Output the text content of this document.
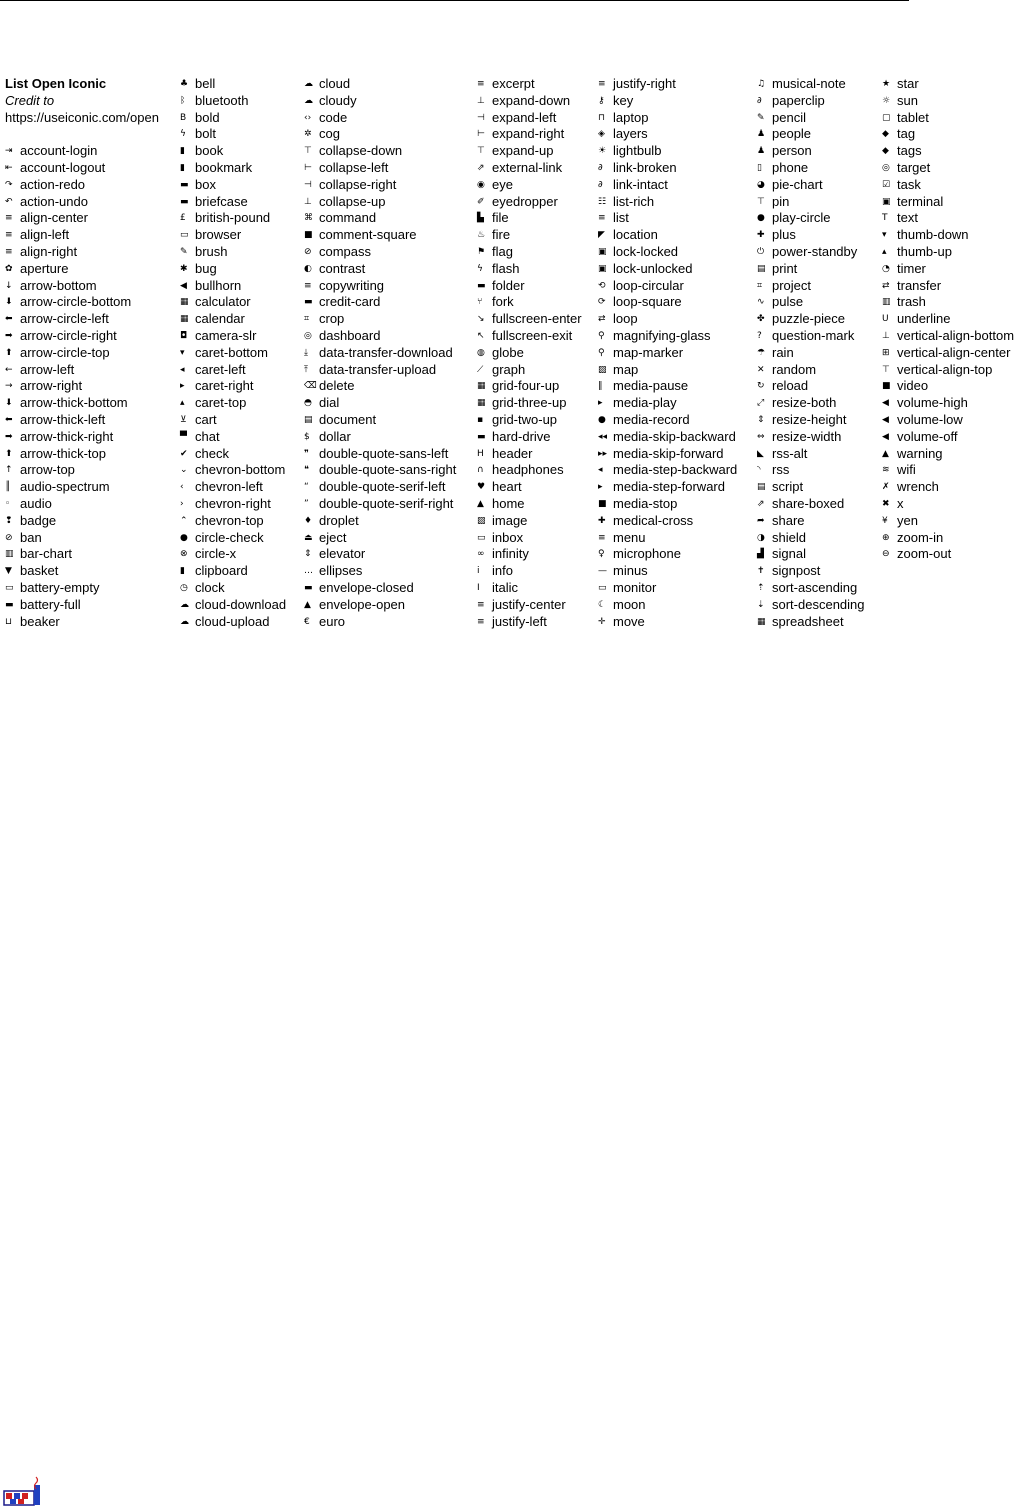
List Open Iconic
Credit to
https://useiconic.com/open
⇥ account-login
⇤ account-logout
↷ action-redo
↶ action-undo
≡ align-center
≡ align-left
≡ align-right
✿ aperture
↓ arrow-bottom
⬇ arrow-circle-bottom
⬅ arrow-circle-left
➡ arrow-circle-right
⬆ arrow-circle-top
← arrow-left
→ arrow-right
⬇ arrow-thick-bottom
⬅ arrow-thick-left
➡ arrow-thick-right
⬆ arrow-thick-top
↑ arrow-top
║ audio-spectrum
◦ audio
❢ badge
⊘ ban
▥ bar-chart
▼ basket
▭ battery-empty
▬ battery-full
⊔ beaker
♣ bell
ᛒ bluetooth
B bold
ϟ bolt
▮ book
▮ bookmark
▬ box
▬ briefcase
£ british-pound
▭ browser
✎ brush
✱ bug
◀ bullhorn
▦ calculator
▦ calendar
◘ camera-slr
▾ caret-bottom
◂ caret-left
▸ caret-right
▴ caret-top
⊻ cart
▀ chat
✔ check
⌄ chevron-bottom
‹ chevron-left
› chevron-right
⌃ chevron-top
● circle-check
⊗ circle-x
▮ clipboard
◷ clock
☁ cloud-download
☁ cloud-upload
☁ cloud
☁ cloudy
‹› code
✲ cog
⊤ collapse-down
⊢ collapse-left
⊣ collapse-right
⊥ collapse-up
⌘ command
■ comment-square
⊘ compass
◐ contrast
≡ copywriting
▬ credit-card
⌗ crop
◎ dashboard
⤓ data-transfer-download
⤒ data-transfer-upload
⌫ delete
◓ dial
▤ document
$ dollar
❞ double-quote-sans-left
❝ double-quote-sans-right
“ double-quote-serif-left
” double-quote-serif-right
♦ droplet
⏏ eject
⇕ elevator
… ellipses
▬ envelope-closed
▲ envelope-open
€ euro
≡ excerpt
⊥ expand-down
⊣ expand-left
⊢ expand-right
⊤ expand-up
⇗ external-link
◉ eye
✐ eyedropper
▙ file
♨ fire
⚑ flag
ϟ flash
▬ folder
⑂ fork
↘ fullscreen-enter
↖ fullscreen-exit
◍ globe
⟋ graph
▦ grid-four-up
▦ grid-three-up
▪ grid-two-up
▬ hard-drive
H header
∩ headphones
♥ heart
▲ home
▨ image
▭ inbox
∞ infinity
ⅰ info
I italic
≡ justify-center
≡ justify-left
≡ justify-right
⚷ key
⊓ laptop
◈ layers
☀ lightbulb
∂ link-broken
∂ link-intact
☷ list-rich
≡ list
◤ location
▣ lock-locked
▣ lock-unlocked
⟲ loop-circular
⟳ loop-square
⇄ loop
⚲ magnifying-glass
⚲ map-marker
▨ map
‖ media-pause
▸ media-play
● media-record
◂◂ media-skip-backward
▸▸ media-skip-forward
◂ media-step-backward
▸ media-step-forward
■ media-stop
✚ medical-cross
≡ menu
♀ microphone
— minus
▭ monitor
☾ moon
✛ move
♫ musical-note
∂ paperclip
✎ pencil
♟ people
♟ person
▯ phone
◕ pie-chart
⊤ pin
● play-circle
✚ plus
⏻ power-standby
▤ print
⌗ project
∿ pulse
✤ puzzle-piece
? question-mark
☂ rain
✕ random
↻ reload
⤢ resize-both
⇕ resize-height
⇔ resize-width
◣ rss-alt
◝ rss
▤ script
⇗ share-boxed
➦ share
◑ shield
▟ signal
✝ signpost
⇡ sort-ascending
⇣ sort-descending
▦ spreadsheet
★ star
☼ sun
▢ tablet
◆ tag
◆ tags
◎ target
☑ task
▣ terminal
T text
▾ thumb-down
▴ thumb-up
◔ timer
⇄ transfer
▥ trash
U underline
⊥ vertical-align-bottom
⊞ vertical-align-center
⊤ vertical-align-top
■ video
◀ volume-high
◀ volume-low
◀ volume-off
▲ warning
≋ wifi
✗ wrench
✖ x
¥ yen
⊕ zoom-in
⊖ zoom-out
